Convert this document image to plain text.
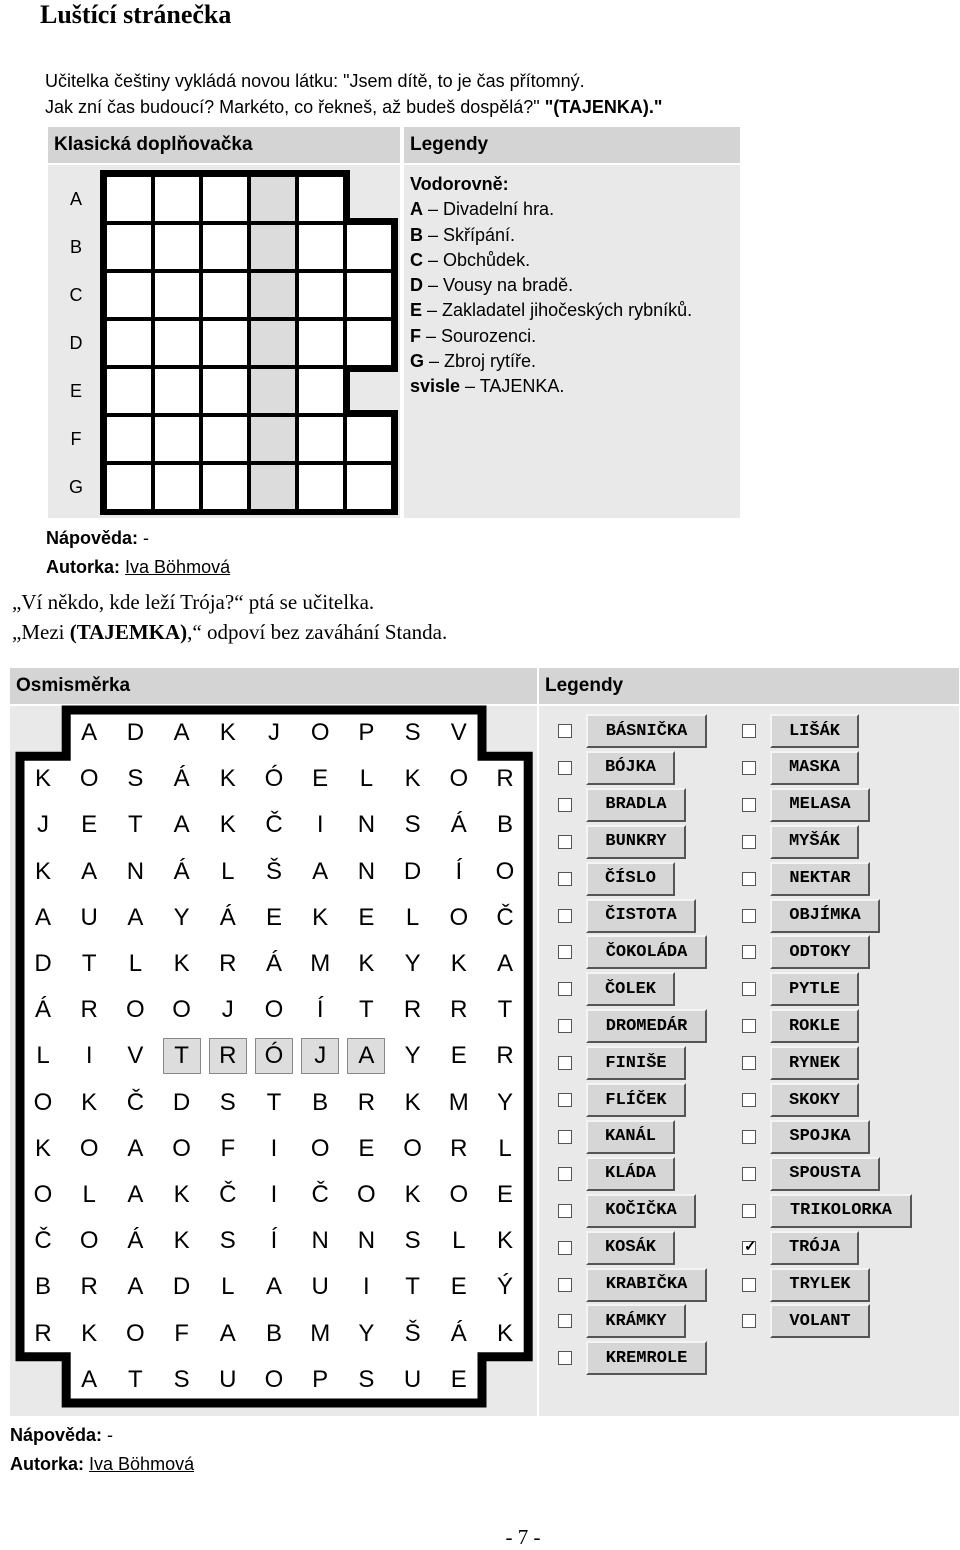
Luštící stránečka
Učitelka češtiny vykládá novou látku: "Jsem dítě, to je čas přítomný.
Jak zní čas budoucí? Markéto, co řekneš, až budeš dospělá?" "(TAJENKA)."
Klasická doplňovačka	Legendy
A
B
C
D
E
F
G
Vodorovně:
A – Divadelní hra.
B – Skřípání.
C – Obchůdek.
D – Vousy na bradě.
E – Zakladatel jihočeských rybníků.
F – Sourozenci.
G – Zbroj rytíře.
svisle – TAJENKA.
Nápověda: -
Autorka: Iva Böhmová
„Ví někdo, kde leží Trója?“ ptá se učitelka.
„Mezi (TAJEMKA),“ odpoví bez zaváhání Standa.
Osmisměrka	Legendy
A D A K J O P S V
K O S Á K Ó E L K O R
J E T A K Č I N S Á B
K A N Á L Š A N D Í O
A U A Y Á E K E L O Č
D T L K R Á M K Y K A
Á R O O J O Í T R R T
L I V	T	R	Ó	J	A	Y E R
O K Č D S T B R K M Y
K O A O F I O E O R L
O L A K Č I Č O K O E
Č O Á K S Í N N S L K
B R A D L A U I T E Ý
R K O F A B M Y Š Á K
A T S U O P S U E
BÁSNIČKA
BÓJKA
BRADLA
BUNKRY
ČÍSLO
ČISTOTA
ČOKOLÁDA
ČOLEK
DROMEDÁR
FINIŠE
FLÍČEK
KANÁL
KLÁDA
KOČIČKA
KOSÁK
KRABIČKA
KRÁMKY
KREMROLE
LIŠÁK
MASKA
MELASA
MYŠÁK
NEKTAR
OBJÍMKA
ODTOKY
PYTLE
ROKLE
RYNEK
SKOKY
SPOJKA
SPOUSTA
TRIKOLORKA
✓
TRÓJA
TRYLEK
VOLANT
Nápověda: -
Autorka: Iva Böhmová
- 7 -
